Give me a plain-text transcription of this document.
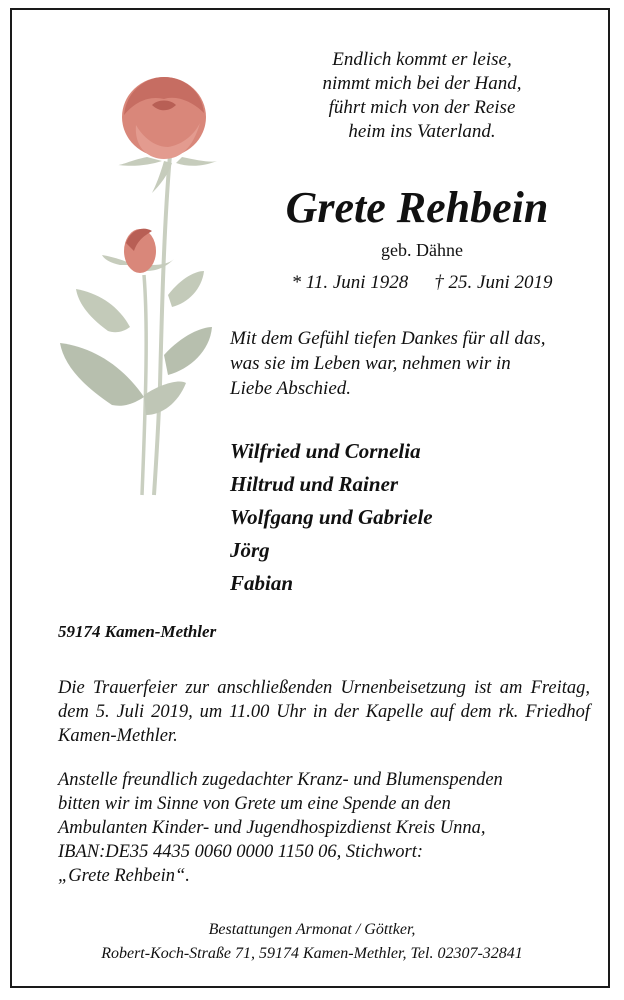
Endlich kommt er leise,
nimmt mich bei der Hand,
führt mich von der Reise
heim ins Vaterland.
Grete Rehbein
geb. Dähne
* 11. Juni 1928 † 25. Juni 2019
Mit dem Gefühl tiefen Dankes für all das,
was sie im Leben war, nehmen wir in
Liebe Abschied.
Wilfried und Cornelia
Hiltrud und Rainer
Wolfgang und Gabriele
Jörg
Fabian
59174 Kamen-Methler
Die Trauerfeier zur anschließenden Urnenbeisetzung ist am Freitag, dem 5. Juli 2019, um 11.00 Uhr in der Kapelle auf dem rk. Friedhof Kamen-Methler.
Anstelle freundlich zugedachter Kranz- und Blumenspenden
bitten wir im Sinne von Grete um eine Spende an den
Ambulanten Kinder- und Jugendhospizdienst Kreis Unna,
IBAN:DE35 4435 0060 0000 1150 06, Stichwort:
„Grete Rehbein“.
Bestattungen Armonat / Göttker,
Robert-Koch-Straße 71, 59174 Kamen-Methler, Tel. 02307-32841
